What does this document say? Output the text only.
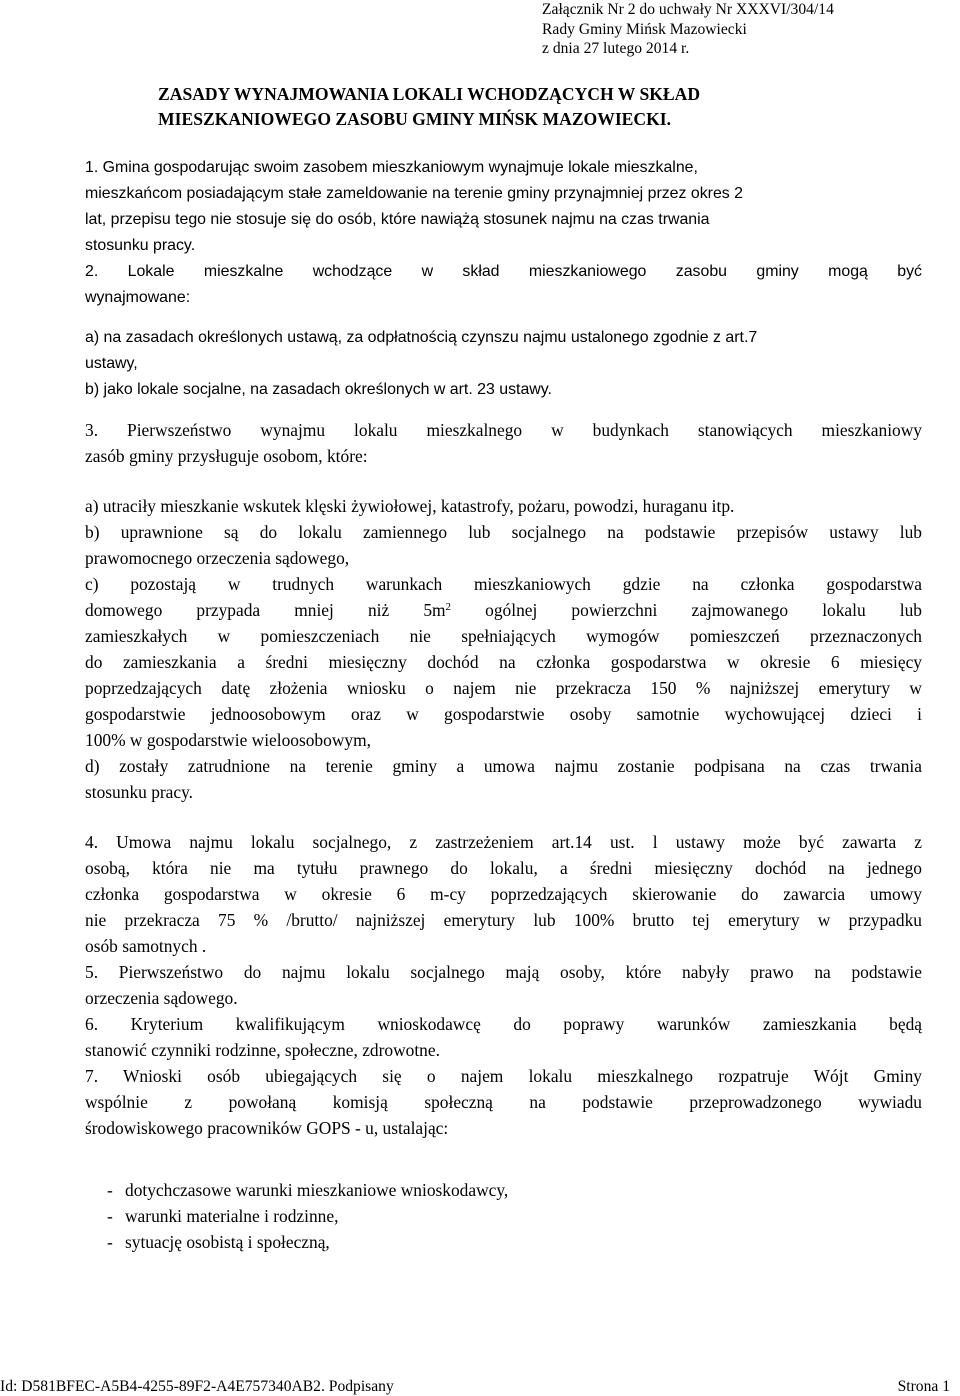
Załącznik Nr 2 do uchwały Nr XXXVI/304/14
Rady Gminy Mińsk Mazowiecki
z dnia 27 lutego 2014 r.
ZASADY WYNAJMOWANIA LOKALI WCHODZĄCYCH W SKŁAD
MIESZKANIOWEGO ZASOBU GMINY MIŃSK MAZOWIECKI.
1. Gmina gospodarując swoim zasobem mieszkaniowym wynajmuje lokale mieszkalne,
mieszkańcom posiadającym stałe zameldowanie na terenie gminy przynajmniej przez okres 2
lat, przepisu tego nie stosuje się do osób, które nawiążą stosunek najmu na czas trwania
stosunku pracy.
2. Lokale mieszkalne wchodzące w skład mieszkaniowego zasobu gminy mogą być
wynajmowane:
a) na zasadach określonych ustawą, za odpłatnością czynszu najmu ustalonego zgodnie z art.7
ustawy,
b) jako lokale socjalne, na zasadach określonych w art. 23 ustawy.
3. Pierwszeństwo wynajmu lokalu mieszkalnego w budynkach stanowiących mieszkaniowy
zasób gminy przysługuje osobom, które:
a) utraciły mieszkanie wskutek klęski żywiołowej, katastrofy, pożaru, powodzi, huraganu itp.
b) uprawnione są do lokalu zamiennego lub socjalnego na podstawie przepisów ustawy lub
prawomocnego orzeczenia sądowego,
c) pozostają w trudnych warunkach mieszkaniowych gdzie na członka gospodarstwa
domowego przypada mniej niż $5m^2$ ogólnej powierzchni zajmowanego lokalu lub
zamieszkałych w pomieszczeniach nie spełniających wymogów pomieszczeń przeznaczonych
do zamieszkania a średni miesięczny dochód na członka gospodarstwa w okresie 6 miesięcy
poprzedzających datę złożenia wniosku o najem nie przekracza 150 % najniższej emerytury w
gospodarstwie jednoosobowym oraz w gospodarstwie osoby samotnie wychowującej dzieci i
100% w gospodarstwie wieloosobowym,
d) zostały zatrudnione na terenie gminy a umowa najmu zostanie podpisana na czas trwania
stosunku pracy.
4. Umowa najmu lokalu socjalnego, z zastrzeżeniem art.14 ust. l ustawy może być zawarta z
osobą, która nie ma tytułu prawnego do lokalu, a średni miesięczny dochód na jednego
członka gospodarstwa w okresie 6 m-cy poprzedzających skierowanie do zawarcia umowy
nie przekracza 75 % /brutto/ najniższej emerytury lub 100% brutto tej emerytury w przypadku
osób samotnych .
5. Pierwszeństwo do najmu lokalu socjalnego mają osoby, które nabyły prawo na podstawie
orzeczenia sądowego.
6. Kryterium kwalifikującym wnioskodawcę do poprawy warunków zamieszkania będą
stanowić czynniki rodzinne, społeczne, zdrowotne.
7. Wnioski osób ubiegających się o najem lokalu mieszkalnego rozpatruje Wójt Gminy
wspólnie z powołaną komisją społeczną na podstawie przeprowadzonego wywiadu
środowiskowego pracowników GOPS - u, ustalając:
- dotychczasowe warunki mieszkaniowe wnioskodawcy,
- warunki materialne i rodzinne,
- sytuację osobistą i społeczną,
Id: D581BFEC-A5B4-4255-89F2-A4E757340AB2. Podpisany	Strona 1
